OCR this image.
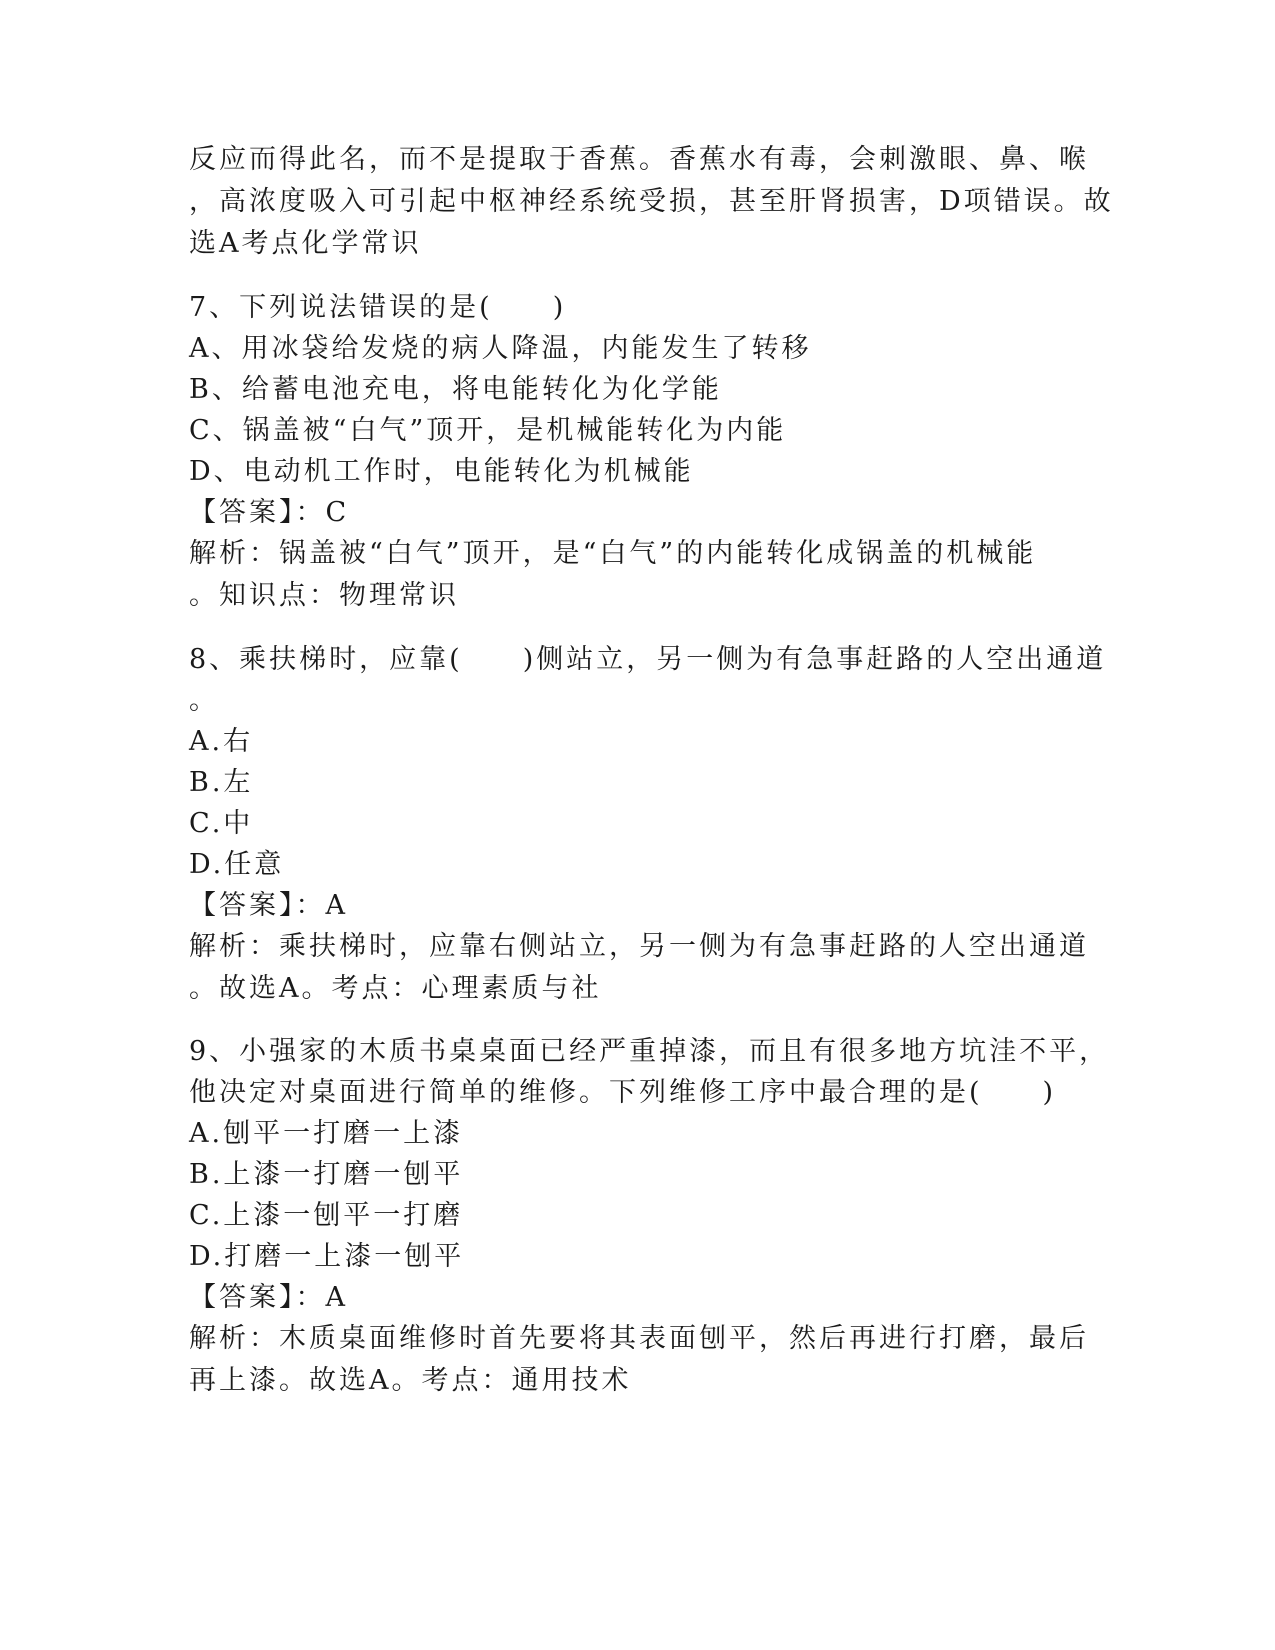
反应而得此名，而不是提取于香蕉。香蕉水有毒，会刺激眼、鼻、喉

，高浓度吸入可引起中枢神经系统受损，甚至肝肾损害，D项错误。故

选A考点化学常识

7、下列说法错误的是(　　)

A、用冰袋给发烧的病人降温，内能发生了转移

B、给蓄电池充电，将电能转化为化学能

C、锅盖被“白气”顶开，是机械能转化为内能

D、电动机工作时，电能转化为机械能

【答案】：C

解析：锅盖被“白气”顶开，是“白气”的内能转化成锅盖的机械能

。知识点：物理常识

8、乘扶梯时，应靠(　　)侧站立，另一侧为有急事赶路的人空出通道

。

A.右

B.左

C.中

D.任意

【答案】：A

解析：乘扶梯时，应靠右侧站立，另一侧为有急事赶路的人空出通道

。故选A。考点：心理素质与社

9、小强家的木质书桌桌面已经严重掉漆，而且有很多地方坑洼不平，

他决定对桌面进行简单的维修。下列维修工序中最合理的是(　　)

A.刨平一打磨一上漆

B.上漆一打磨一刨平

C.上漆一刨平一打磨

D.打磨一上漆一刨平

【答案】：A

解析：木质桌面维修时首先要将其表面刨平，然后再进行打磨，最后

再上漆。故选A。考点：通用技术
